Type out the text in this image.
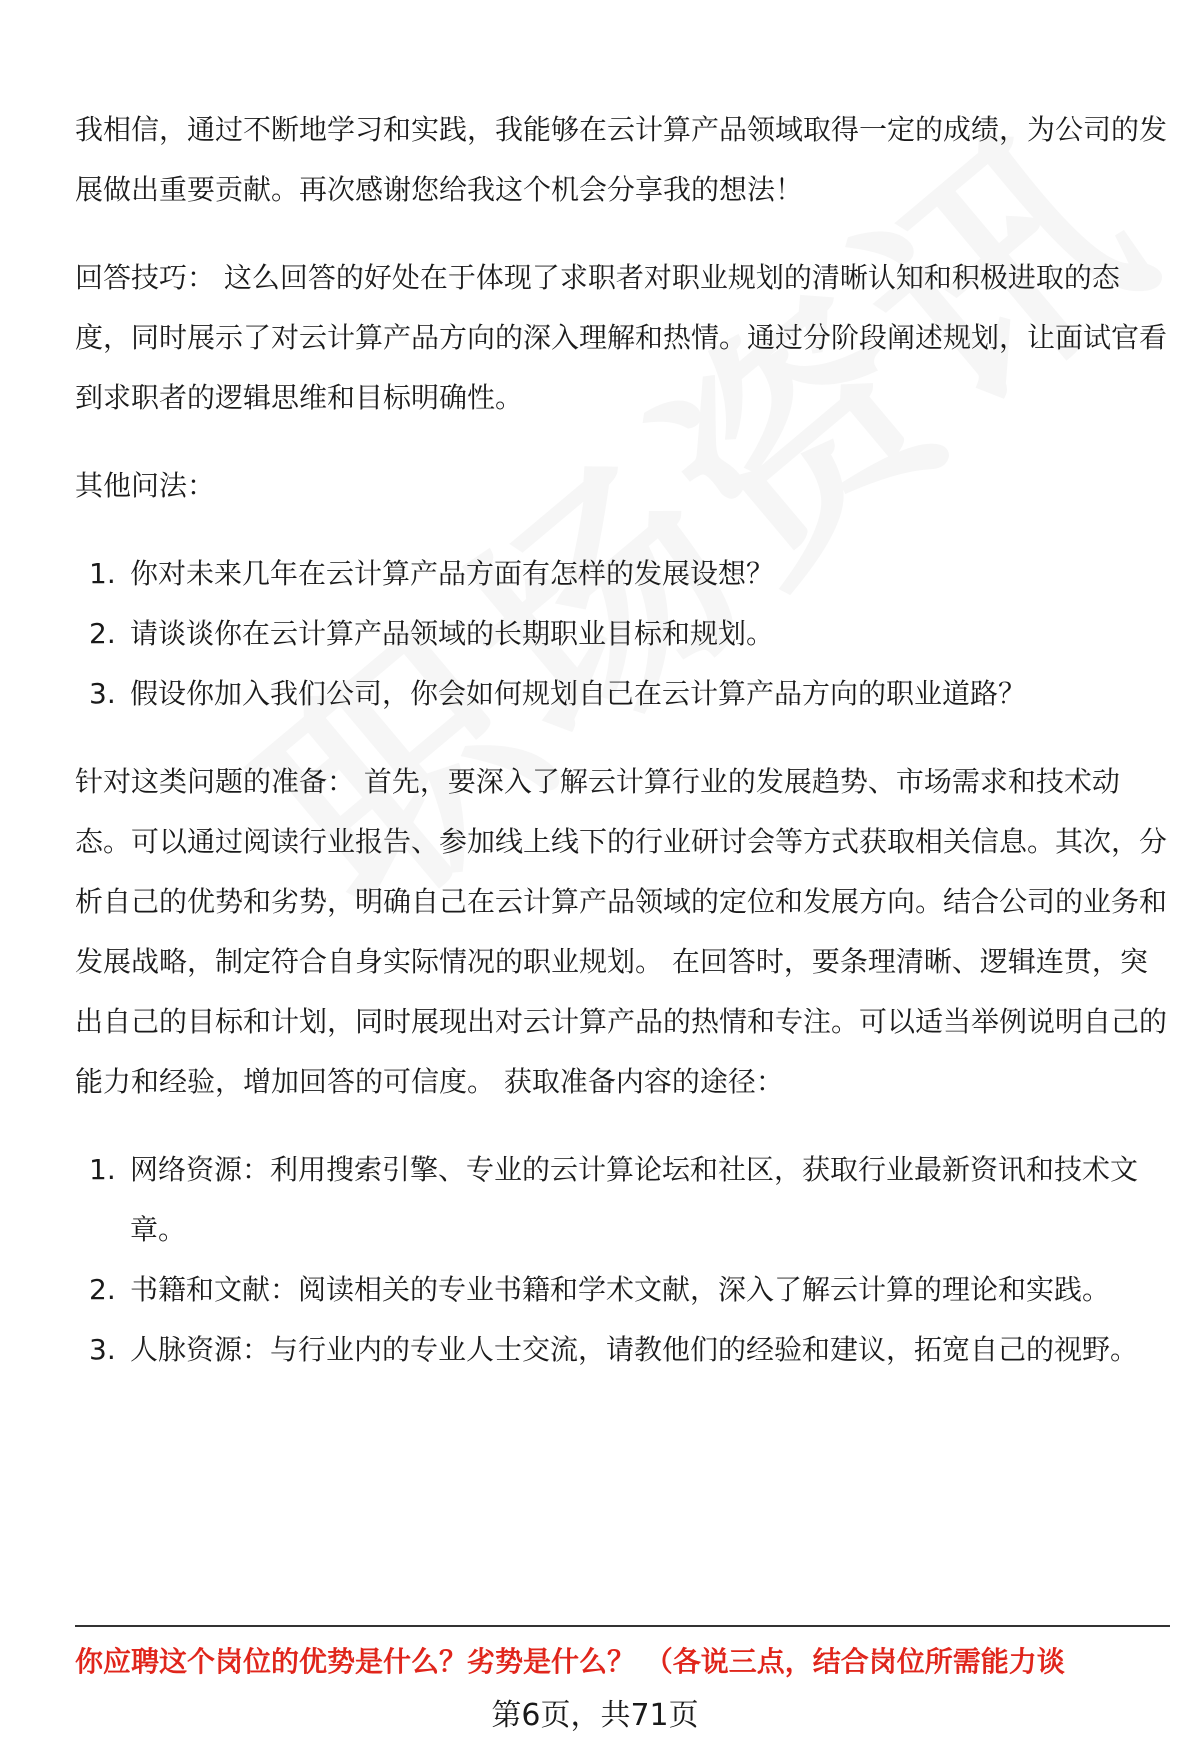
我相信，通过不断地学习和实践，我能够在云计算产品领域取得一定的成绩，为公司的发展做出重要贡献。再次感谢您给我这个机会分享我的想法！

回答技巧： 这么回答的好处在于体现了求职者对职业规划的清晰认知和积极进取的态度，同时展示了对云计算产品方向的深入理解和热情。通过分阶段阐述规划，让面试官看到求职者的逻辑思维和目标明确性。

其他问法：

1. 你对未来几年在云计算产品方面有怎样的发展设想？
2. 请谈谈你在云计算产品领域的长期职业目标和规划。
3. 假设你加入我们公司，你会如何规划自己在云计算产品方向的职业道路？

针对这类问题的准备： 首先，要深入了解云计算行业的发展趋势、市场需求和技术动态。可以通过阅读行业报告、参加线上线下的行业研讨会等方式获取相关信息。其次，分析自己的优势和劣势，明确自己在云计算产品领域的定位和发展方向。结合公司的业务和发展战略，制定符合自身实际情况的职业规划。 在回答时，要条理清晰、逻辑连贯，突出自己的目标和计划，同时展现出对云计算产品的热情和专注。可以适当举例说明自己的能力和经验，增加回答的可信度。 获取准备内容的途径：

1. 网络资源：利用搜索引擎、专业的云计算论坛和社区，获取行业最新资讯和技术文章。
2. 书籍和文献：阅读相关的专业书籍和学术文献，深入了解云计算的理论和实践。
3. 人脉资源：与行业内的专业人士交流，请教他们的经验和建议，拓宽自己的视野。
你应聘这个岗位的优势是什么？劣势是什么？ （各说三点，结合岗位所需能力谈
第6页，共71页
